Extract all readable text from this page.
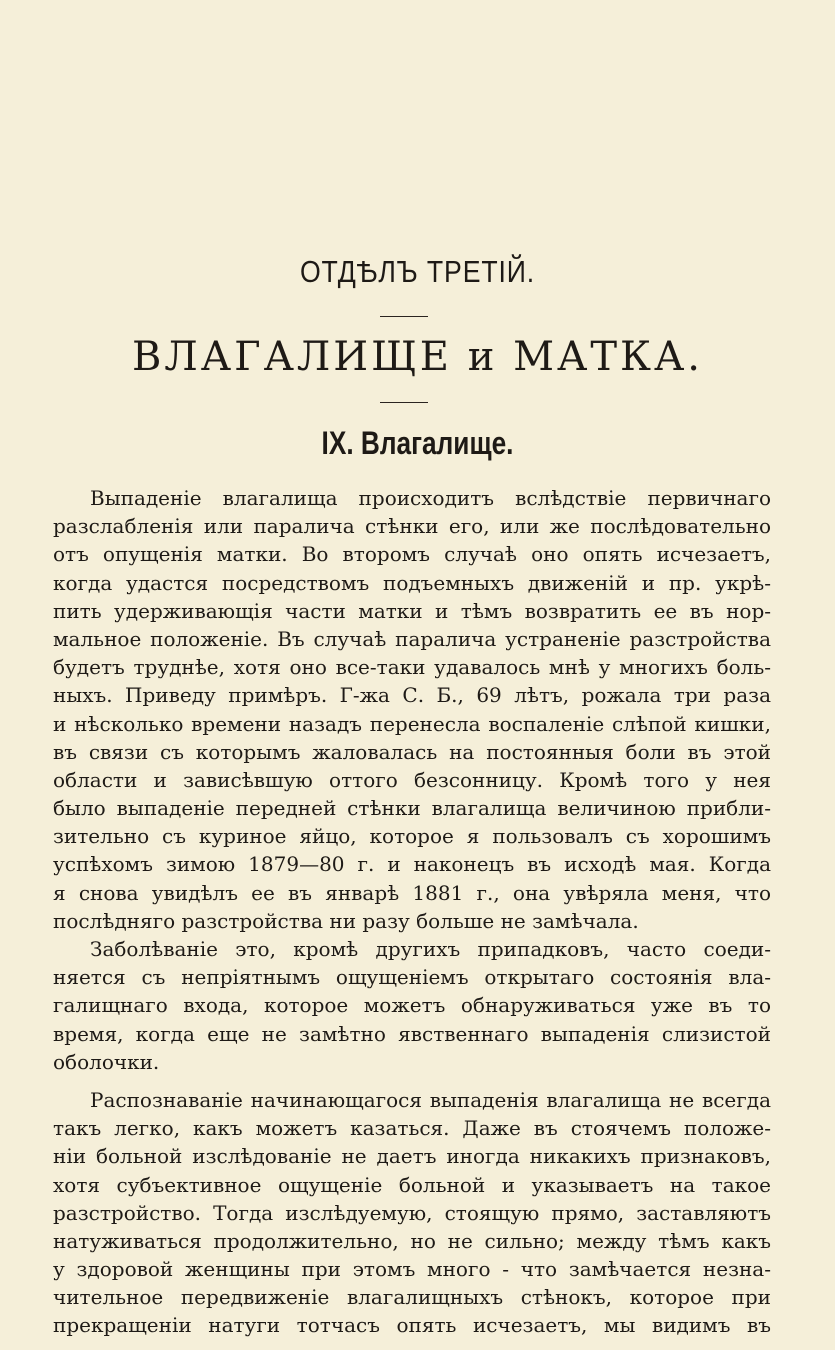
ОТДѢЛЪ ТРЕТІЙ.
ВЛАГАЛИЩЕ и МАТКА.
IX. Влагалище.
Выпаденіе влагалища происходитъ вслѣдствіе первичнаго
разслабленія или паралича стѣнки его, или же послѣдовательно
отъ опущенія матки. Во второмъ случаѣ оно опять исчезаетъ,
когда удастся посредствомъ подъемныхъ движеній и пр. укрѣ-
пить удерживающія части матки и тѣмъ возвратить ее въ нор-
мальное положеніе. Въ случаѣ паралича устраненіе разстройства
будетъ труднѣе, хотя оно все-таки удавалось мнѣ у многихъ боль-
ныхъ. Приведу примѣръ. Г-жа С. Б., 69 лѣтъ, рожала три раза
и нѣсколько времени назадъ перенесла воспаленіе слѣпой кишки,
въ связи съ которымъ жаловалась на постоянныя боли въ этой
области и зависѣвшую оттого безсонницу. Кромѣ того у нея
было выпаденіе передней стѣнки влагалища величиною прибли-
зительно съ куриное яйцо, которое я пользовалъ съ хорошимъ
успѣхомъ зимою 1879—80 г. и наконецъ въ исходѣ мая. Когда
я снова увидѣлъ ее въ январѣ 1881 г., она увѣряла меня, что
послѣдняго разстройства ни разу больше не замѣчала.
Заболѣваніе это, кромѣ другихъ припадковъ, часто соеди-
няется съ непріятнымъ ощущеніемъ открытаго состоянія вла-
галищнаго входа, которое можетъ обнаруживаться уже въ то
время, когда еще не замѣтно явственнаго выпаденія слизистой
оболочки.
Распознаваніе начинающагося выпаденія влагалища не всегда
такъ легко, какъ можетъ казаться. Даже въ стоячемъ положе-
ніи больной изслѣдованіе не даетъ иногда никакихъ признаковъ,
хотя субъективное ощущеніе больной и указываетъ на такое
разстройство. Тогда изслѣдуемую, стоящую прямо, заставляютъ
натуживаться продолжительно, но не сильно; между тѣмъ какъ
у здоровой женщины при этомъ много - что замѣчается незна-
чительное передвиженіе влагалищныхъ стѣнокъ, которое при
прекращеніи натуги тотчасъ опять исчезаетъ, мы видимъ въ
